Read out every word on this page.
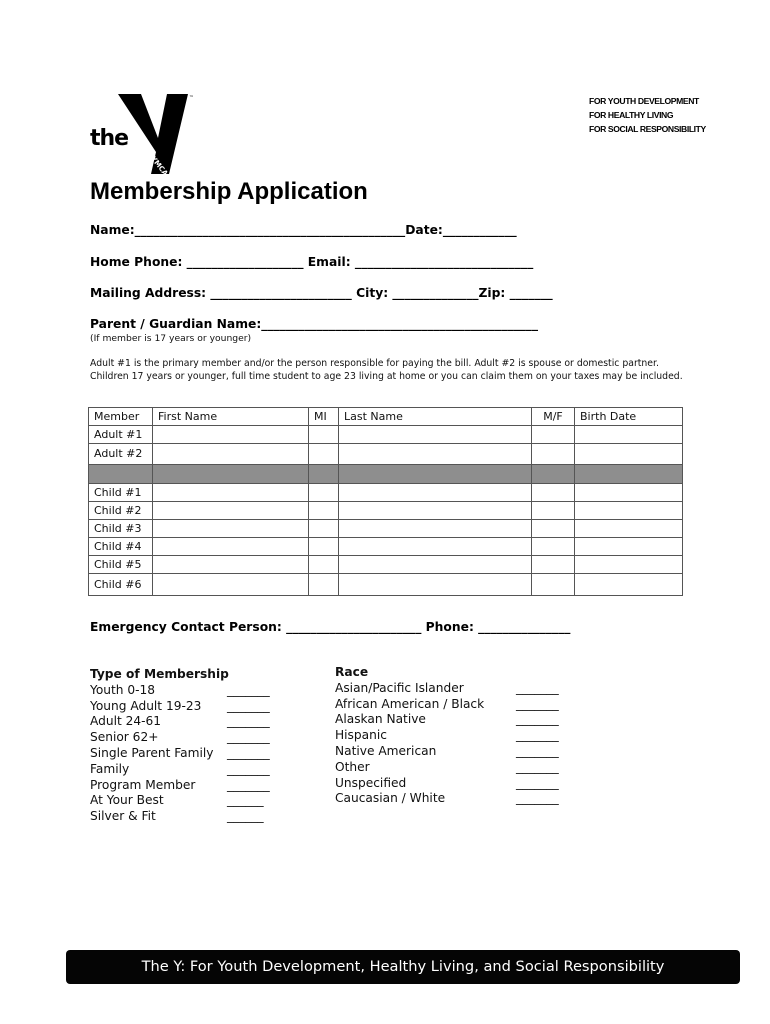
the
™
YMCA
FOR YOUTH DEVELOPMENT
FOR HEALTHY LIVING
FOR SOCIAL RESPONSIBILITY
Membership Application
Name:____________________________________________Date:____________
Home Phone: ___________________ Email: _____________________________
Mailing Address: _______________________ City: ______________Zip: _______
Parent / Guardian Name:_____________________________________________
(If member is 17 years or younger)
Adult #1 is the primary member and/or the person responsible for paying the bill. Adult #2 is spouse or domestic partner. Children 17 years or younger, full time student to age 23 living at home or you can claim them on your taxes may be included.
Member	First Name	MI	Last Name	M/F	Birth Date
Adult #1					
Adult #2					

Child #1					
Child #2					
Child #3					
Child #4					
Child #5					
Child #6					
Emergency Contact Person: ______________________ Phone: _______________
Type of Membership
Youth 0-18	_______
Young Adult 19-23 _______
Adult 24-61	_______
Senior 62+	_______
Single Parent Family _______
Family	_______
Program Member	_______
At Your Best	______
Silver & Fit	______
Race
Asian/Pacific Islander	_______
African American / Black	_______
Alaskan Native	_______
Hispanic	_______
Native American	_______
Other	_______
Unspecified	_______
Caucasian / White	_______
The Y: For Youth Development, Healthy Living, and Social Responsibility
